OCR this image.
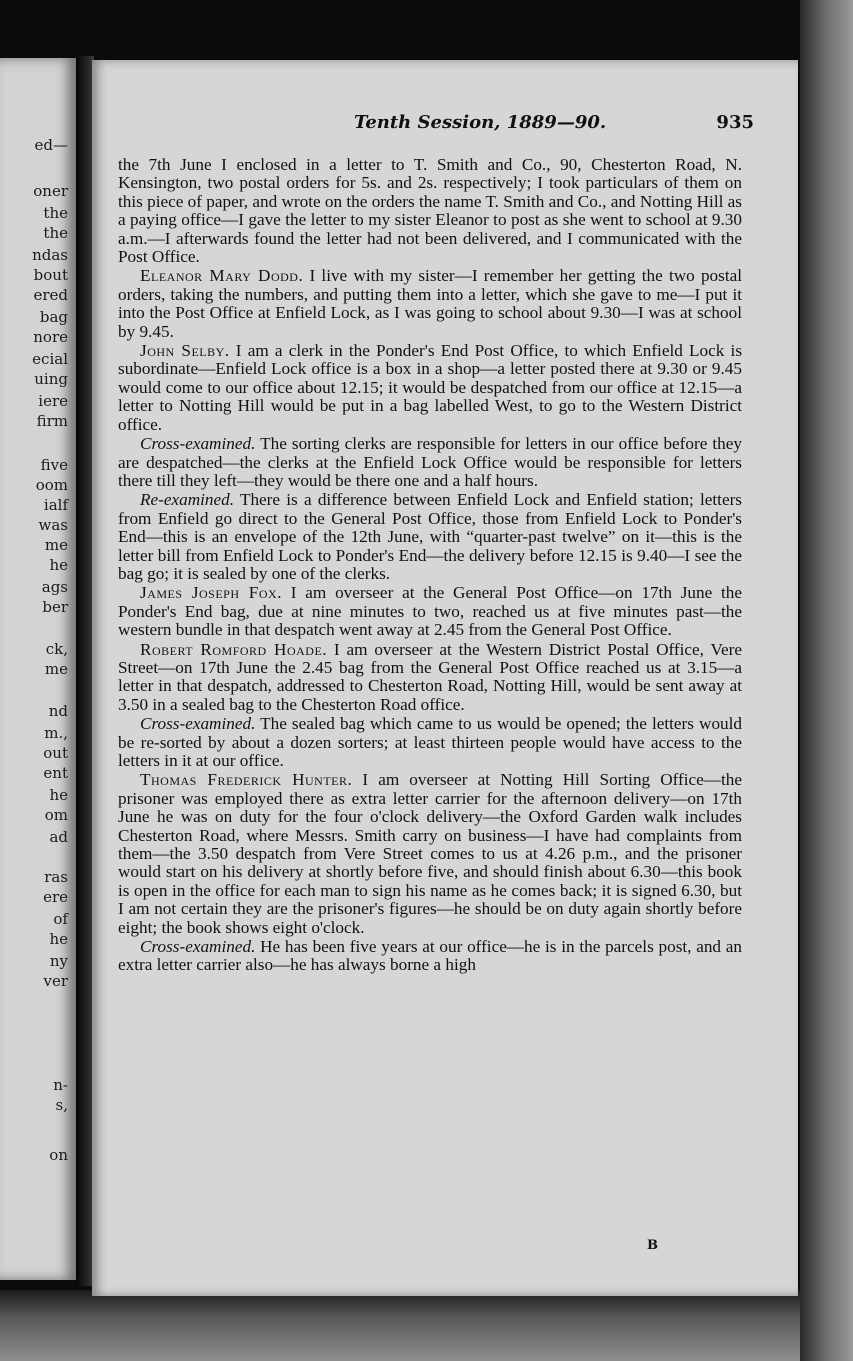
ed—
oner
the
the
ndas
bout
ered
bag
nore
ecial
uing
iere
firm
five
oom
ialf
was
me
he
ags
ber
ck,
me
nd
m.,
out
ent
he
om
ad
ras
ere
of
he
ny
ver
n-
s,
on
Tenth Session, 1889—90.	935

the 7th June I enclosed in a letter to T. Smith and Co., 90, Chesterton Road, N. Kensington, two postal orders for 5s. and 2s. respectively; I took particulars of them on this piece of paper, and wrote on the orders the name T. Smith and Co., and Notting Hill as a paying office—I gave the letter to my sister Eleanor to post as she went to school at 9.30 a.m.—I afterwards found the letter had not been delivered, and I communicated with the Post Office.

Eleanor Mary Dodd. I live with my sister—I remember her getting the two postal orders, taking the numbers, and putting them into a letter, which she gave to me—I put it into the Post Office at Enfield Lock, as I was going to school about 9.30—I was at school by 9.45.

John Selby. I am a clerk in the Ponder's End Post Office, to which Enfield Lock is subordinate—Enfield Lock office is a box in a shop—a letter posted there at 9.30 or 9.45 would come to our office about 12.15; it would be despatched from our office at 12.15—a letter to Notting Hill would be put in a bag labelled West, to go to the Western District office.

Cross-examined. The sorting clerks are responsible for letters in our office before they are despatched—the clerks at the Enfield Lock Office would be responsible for letters there till they left—they would be there one and a half hours.

Re-examined. There is a difference between Enfield Lock and Enfield station; letters from Enfield go direct to the General Post Office, those from Enfield Lock to Ponder's End—this is an envelope of the 12th June, with “quarter-past twelve” on it—this is the letter bill from Enfield Lock to Ponder's End—the delivery before 12.15 is 9.40—I see the bag go; it is sealed by one of the clerks.

James Joseph Fox. I am overseer at the General Post Office—on 17th June the Ponder's End bag, due at nine minutes to two, reached us at five minutes past—the western bundle in that despatch went away at 2.45 from the General Post Office.

Robert Romford Hoade. I am overseer at the Western District Postal Office, Vere Street—on 17th June the 2.45 bag from the General Post Office reached us at 3.15—a letter in that despatch, addressed to Chesterton Road, Notting Hill, would be sent away at 3.50 in a sealed bag to the Chesterton Road office.

Cross-examined. The sealed bag which came to us would be opened; the letters would be re-sorted by about a dozen sorters; at least thirteen people would have access to the letters in it at our office.

Thomas Frederick Hunter. I am overseer at Notting Hill Sorting Office—the prisoner was employed there as extra letter carrier for the afternoon delivery—on 17th June he was on duty for the four o'clock delivery—the Oxford Garden walk includes Chesterton Road, where Messrs. Smith carry on business—I have had complaints from them—the 3.50 despatch from Vere Street comes to us at 4.26 p.m., and the prisoner would start on his delivery at shortly before five, and should finish about 6.30—this book is open in the office for each man to sign his name as he comes back; it is signed 6.30, but I am not certain they are the prisoner's figures—he should be on duty again shortly before eight; the book shows eight o'clock.

Cross-examined. He has been five years at our office—he is in the parcels post, and an extra letter carrier also—he has always borne a high

B
